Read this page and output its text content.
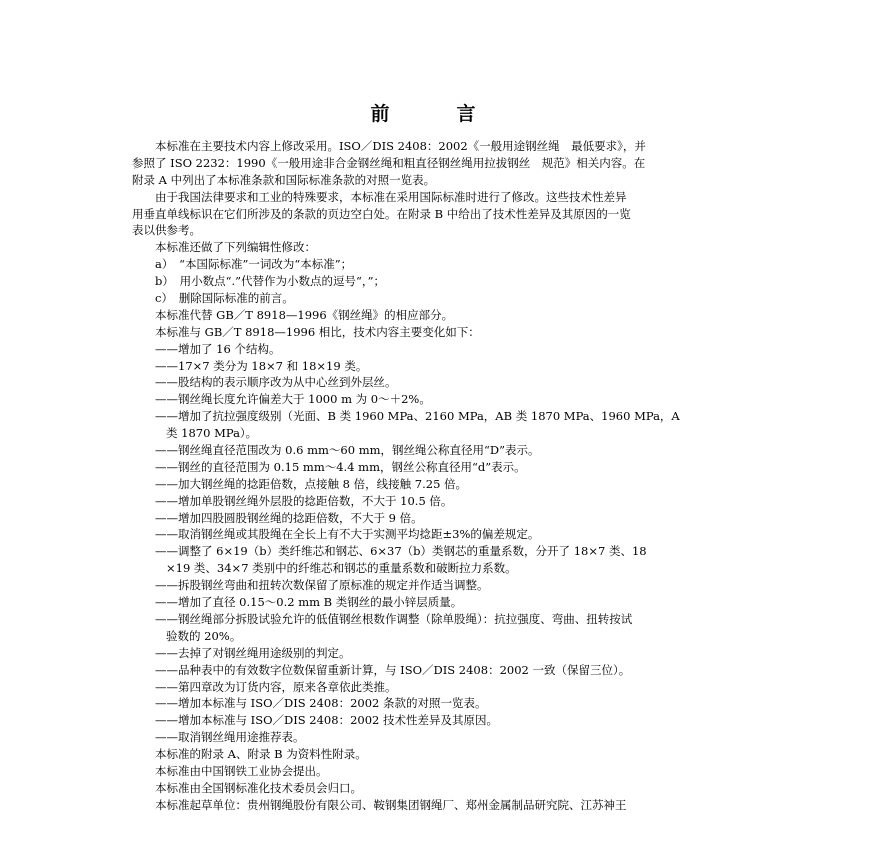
前　言
　　本标准在主要技术内容上修改采用。ISO／DIS 2408：2002《一般用途钢丝绳　最低要求》，并
参照了 ISO 2232：1990《一般用途非合金钢丝绳和粗直径钢丝绳用拉拔钢丝　规范》相关内容。在
附录 A 中列出了本标准条款和国际标准条款的对照一览表。
　　由于我国法律要求和工业的特殊要求，本标准在采用国际标准时进行了修改。这些技术性差异
用垂直单线标识在它们所涉及的条款的页边空白处。在附录 B 中给出了技术性差异及其原因的一览
表以供参考。
　　本标准还做了下列编辑性修改：
　　a）　“本国际标准”一词改为“本标准”；
　　b）　用小数点“.”代替作为小数点的逗号“，”；
　　c）　删除国际标准的前言。
　　本标准代替 GB／T 8918—1996《钢丝绳》的相应部分。
　　本标准与 GB／T 8918—1996 相比，技术内容主要变化如下：
　　——增加了 16 个结构。
　　——17×7 类分为 18×7 和 18×19 类。
　　——股结构的表示顺序改为从中心丝到外层丝。
　　——钢丝绳长度允许偏差大于 1000 m 为 0～＋2%。
　　——增加了抗拉强度级别（光面、B 类 1960 MPa、2160 MPa，AB 类 1870 MPa、1960 MPa，A
类 1870 MPa）。
　　——钢丝绳直径范围改为 0.6 mm～60 mm，钢丝绳公称直径用“D”表示。
　　——钢丝的直径范围为 0.15 mm～4.4 mm，钢丝公称直径用“d”表示。
　　——加大钢丝绳的捻距倍数，点接触 8 倍，线接触 7.25 倍。
　　——增加单股钢丝绳外层股的捻距倍数，不大于 10.5 倍。
　　——增加四股圆股钢丝绳的捻距倍数，不大于 9 倍。
　　——取消钢丝绳或其股绳在全长上有不大于实测平均捻距±3%的偏差规定。
　　——调整了 6×19（b）类纤维芯和钢芯、6×37（b）类钢芯的重量系数，分开了 18×7 类、18
×19 类、34×7 类别中的纤维芯和钢芯的重量系数和破断拉力系数。
　　——拆股钢丝弯曲和扭转次数保留了原标准的规定并作适当调整。
　　——增加了直径 0.15～0.2 mm B 类钢丝的最小锌层质量。
　　——钢丝绳部分拆股试验允许的低值钢丝根数作调整（除单股绳）：抗拉强度、弯曲、扭转按试
验数的 20%。
　　——去掉了对钢丝绳用途级别的判定。
　　——品种表中的有效数字位数保留重新计算，与 ISO／DIS 2408：2002 一致（保留三位）。
　　——第四章改为订货内容，原来各章依此类推。
　　——增加本标准与 ISO／DIS 2408：2002 条款的对照一览表。
　　——增加本标准与 ISO／DIS 2408：2002 技术性差异及其原因。
　　——取消钢丝绳用途推荐表。
　　本标准的附录 A、附录 B 为资料性附录。
　　本标准由中国钢铁工业协会提出。
　　本标准由全国钢标准化技术委员会归口。
　　本标准起草单位：贵州钢绳股份有限公司、鞍钢集团钢绳厂、郑州金属制品研究院、江苏神王
